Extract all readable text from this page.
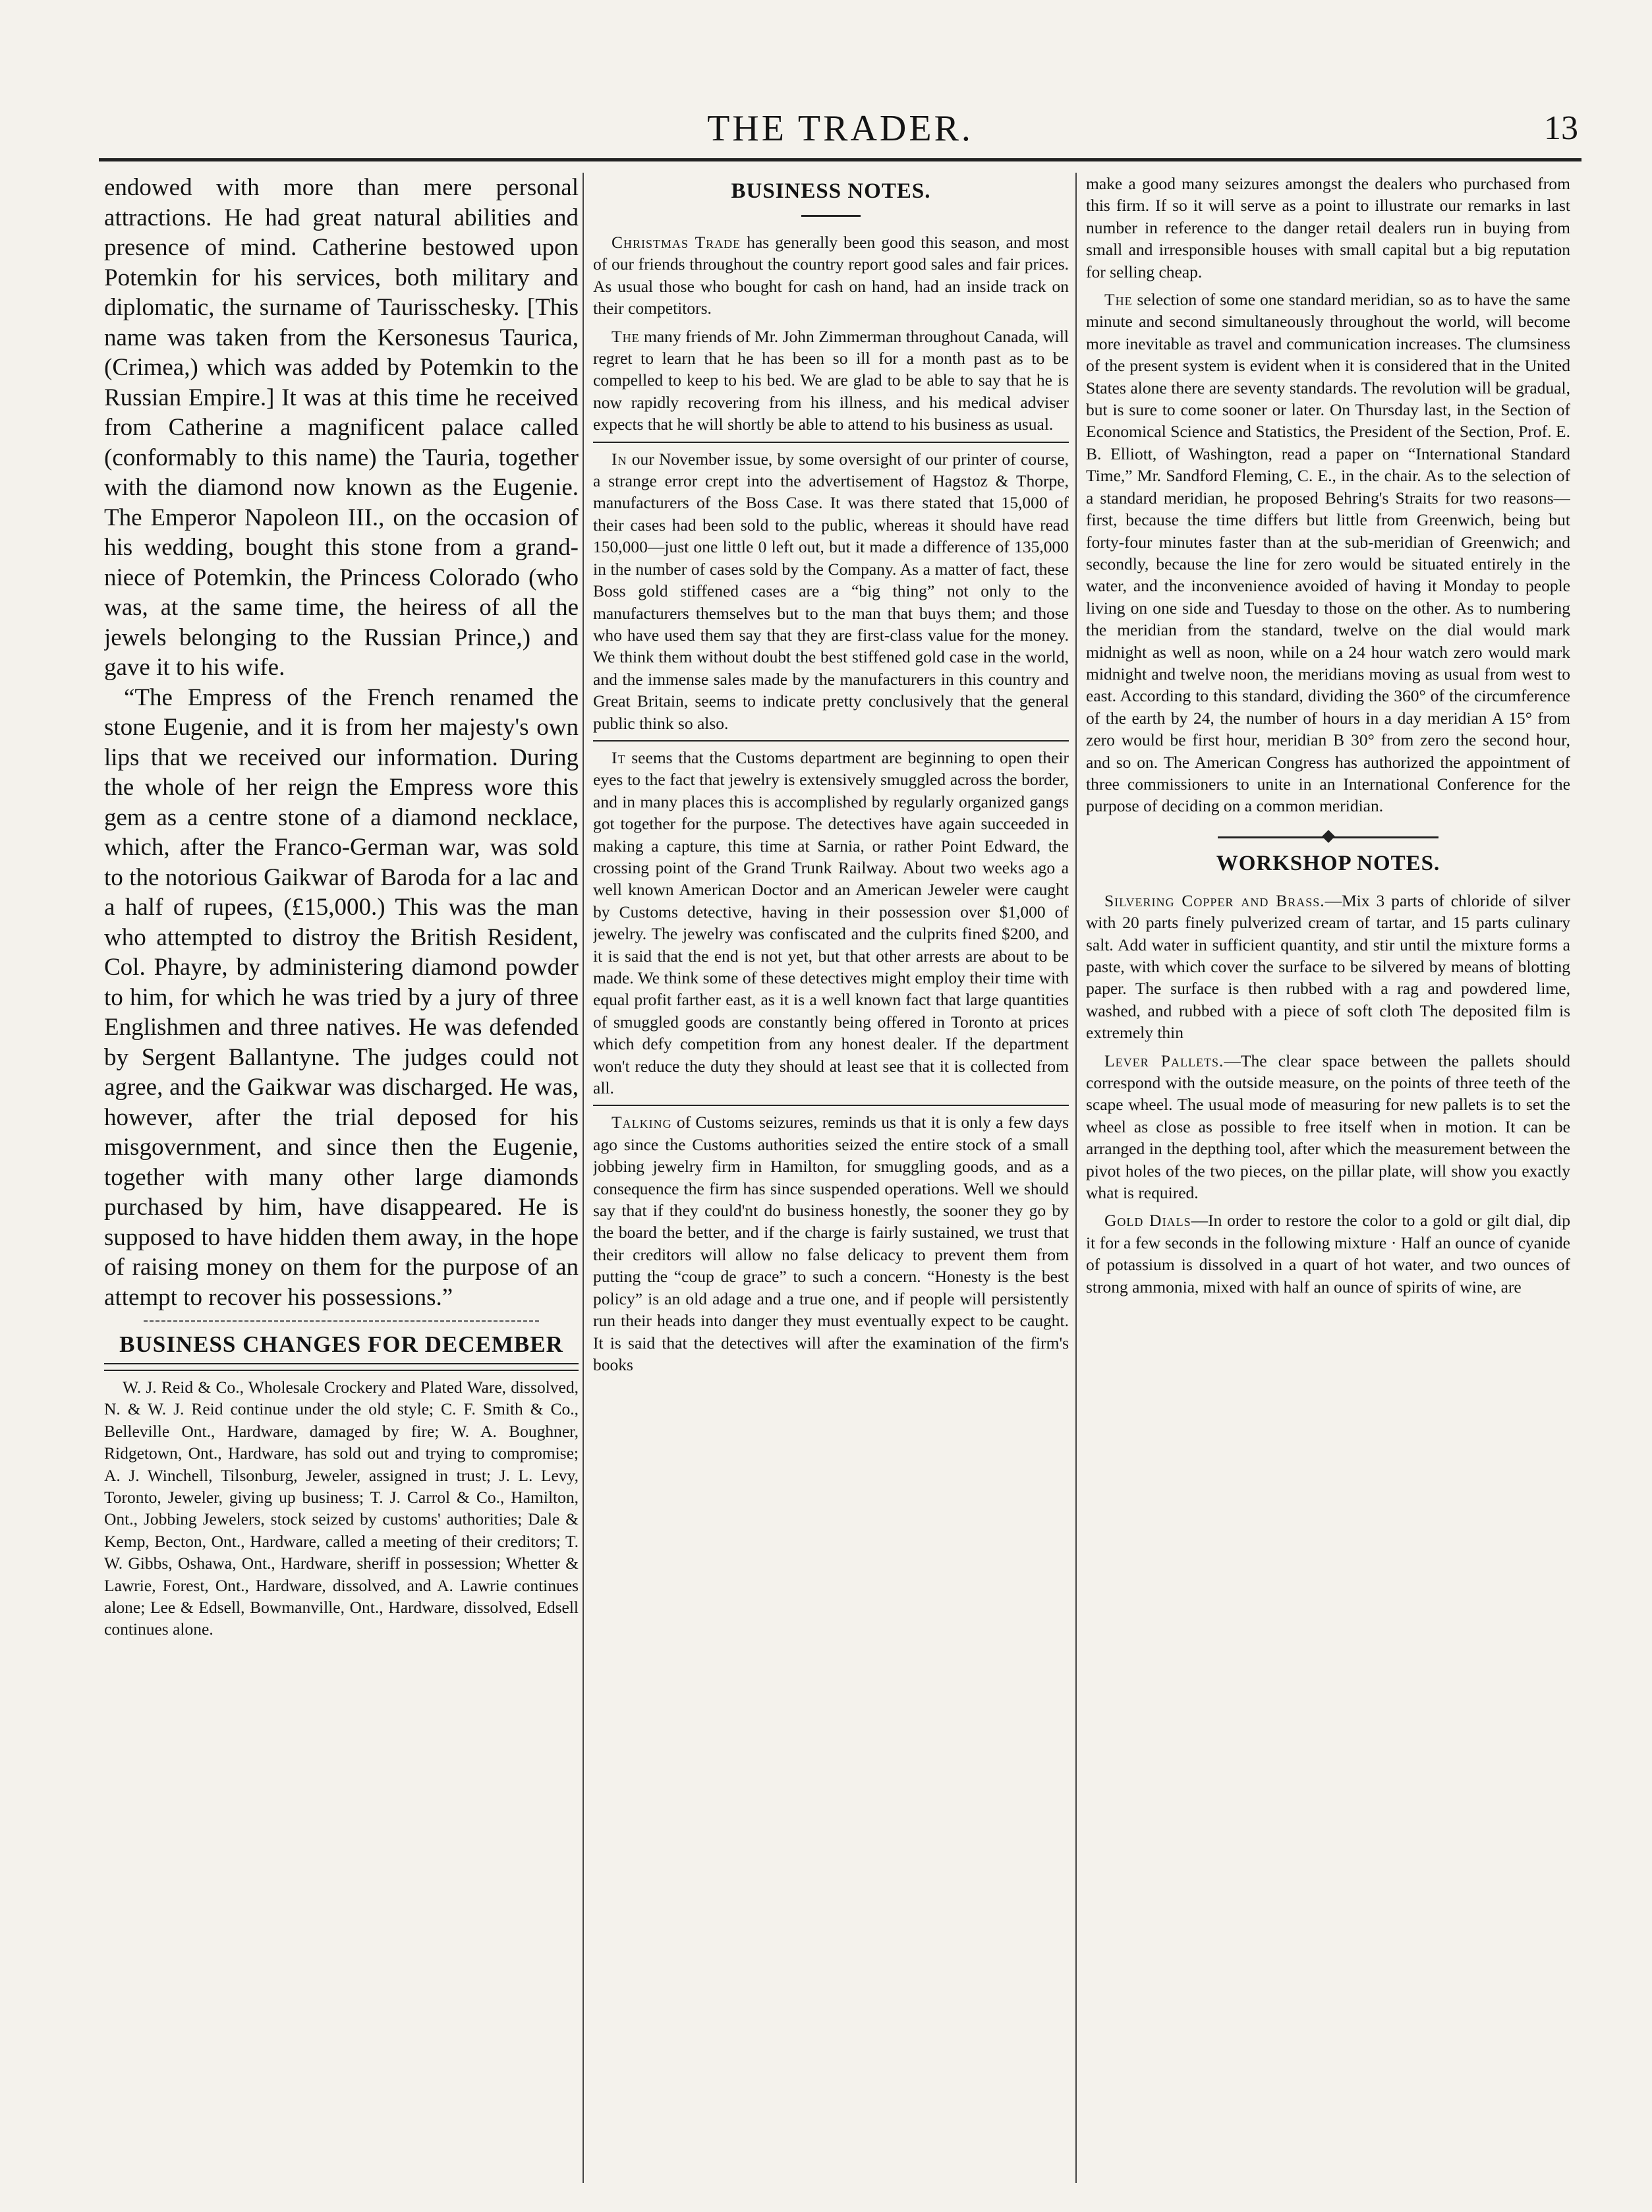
THE TRADER.	13

endowed with more than mere personal attractions. He had great natural abilities and presence of mind. Catherine bestowed upon Potemkin for his services, both military and diplomatic, the surname of Taurisschesky. [This name was taken from the Kersonesus Taurica, (Crimea,) which was added by Potemkin to the Russian Empire.] It was at this time he received from Catherine a magnificent palace called (conformably to this name) the Tauria, together with the diamond now known as the Eugenie. The Emperor Napoleon III., on the occasion of his wedding, bought this stone from a grand-niece of Potemkin, the Princess Colorado (who was, at the same time, the heiress of all the jewels belonging to the Russian Prince,) and gave it to his wife.

“The Empress of the French renamed the stone Eugenie, and it is from her majesty's own lips that we received our information. During the whole of her reign the Empress wore this gem as a centre stone of a diamond necklace, which, after the Franco-German war, was sold to the notorious Gaikwar of Baroda for a lac and a half of rupees, (£15,000.) This was the man who attempted to distroy the British Resident, Col. Phayre, by administering diamond powder to him, for which he was tried by a jury of three Englishmen and three natives. He was defended by Sergent Ballantyne. The judges could not agree, and the Gaikwar was discharged. He was, however, after the trial deposed for his misgovernment, and since then the Eugenie, together with many other large diamonds purchased by him, have disappeared. He is supposed to have hidden them away, in the hope of raising money on them for the purpose of an attempt to recover his possessions.”

BUSINESS CHANGES FOR DECEMBER

W. J. Reid & Co., Wholesale Crockery and Plated Ware, dissolved, N. & W. J. Reid continue under the old style; C. F. Smith & Co., Belleville Ont., Hardware, damaged by fire; W. A. Boughner, Ridgetown, Ont., Hardware, has sold out and trying to compromise; A. J. Winchell, Tilsonburg, Jeweler, assigned in trust; J. L. Levy, Toronto, Jeweler, giving up business; T. J. Carrol & Co., Hamilton, Ont., Jobbing Jewelers, stock seized by customs' authorities; Dale & Kemp, Becton, Ont., Hardware, called a meeting of their creditors; T. W. Gibbs, Oshawa, Ont., Hardware, sheriff in possession; Whetter & Lawrie, Forest, Ont., Hardware, dissolved, and A. Lawrie continues alone; Lee & Edsell, Bowmanville, Ont., Hardware, dissolved, Edsell continues alone.

BUSINESS NOTES.

Christmas Trade has generally been good this season, and most of our friends throughout the country report good sales and fair prices. As usual those who bought for cash on hand, had an inside track on their competitors.

The many friends of Mr. John Zimmerman throughout Canada, will regret to learn that he has been so ill for a month past as to be compelled to keep to his bed. We are glad to be able to say that he is now rapidly recovering from his illness, and his medical adviser expects that he will shortly be able to attend to his business as usual.

In our November issue, by some oversight of our printer of course, a strange error crept into the advertisement of Hagstoz & Thorpe, manufacturers of the Boss Case. It was there stated that 15,000 of their cases had been sold to the public, whereas it should have read 150,000—just one little 0 left out, but it made a difference of 135,000 in the number of cases sold by the Company. As a matter of fact, these Boss gold stiffened cases are a “big thing” not only to the manufacturers themselves but to the man that buys them; and those who have used them say that they are first-class value for the money. We think them without doubt the best stiffened gold case in the world, and the immense sales made by the manufacturers in this country and Great Britain, seems to indicate pretty conclusively that the general public think so also.

It seems that the Customs department are beginning to open their eyes to the fact that jewelry is extensively smuggled across the border, and in many places this is accomplished by regularly organized gangs got together for the purpose. The detectives have again succeeded in making a capture, this time at Sarnia, or rather Point Edward, the crossing point of the Grand Trunk Railway. About two weeks ago a well known American Doctor and an American Jeweler were caught by Customs detective, having in their possession over $1,000 of jewelry. The jewelry was confiscated and the culprits fined $200, and it is said that the end is not yet, but that other arrests are about to be made. We think some of these detectives might employ their time with equal profit farther east, as it is a well known fact that large quantities of smuggled goods are constantly being offered in Toronto at prices which defy competition from any honest dealer. If the department won't reduce the duty they should at least see that it is collected from all.

Talking of Customs seizures, reminds us that it is only a few days ago since the Customs authorities seized the entire stock of a small jobbing jewelry firm in Hamilton, for smuggling goods, and as a consequence the firm has since suspended operations. Well we should say that if they could'nt do business honestly, the sooner they go by the board the better, and if the charge is fairly sustained, we trust that their creditors will allow no false delicacy to prevent them from putting the “coup de grace” to such a concern. “Honesty is the best policy” is an old adage and a true one, and if people will persistently run their heads into danger they must eventually expect to be caught. It is said that the detectives will after the examination of the firm's books

make a good many seizures amongst the dealers who purchased from this firm. If so it will serve as a point to illustrate our remarks in last number in reference to the danger retail dealers run in buying from small and irresponsible houses with small capital but a big reputation for selling cheap.

The selection of some one standard meridian, so as to have the same minute and second simultaneously throughout the world, will become more inevitable as travel and communication increases. The clumsiness of the present system is evident when it is considered that in the United States alone there are seventy standards. The revolution will be gradual, but is sure to come sooner or later. On Thursday last, in the Section of Economical Science and Statistics, the President of the Section, Prof. E. B. Elliott, of Washington, read a paper on “International Standard Time,” Mr. Sandford Fleming, C. E., in the chair. As to the selection of a standard meridian, he proposed Behring's Straits for two reasons—first, because the time differs but little from Greenwich, being but forty-four minutes faster than at the sub-meridian of Greenwich; and secondly, because the line for zero would be situated entirely in the water, and the inconvenience avoided of having it Monday to people living on one side and Tuesday to those on the other. As to numbering the meridian from the standard, twelve on the dial would mark midnight as well as noon, while on a 24 hour watch zero would mark midnight and twelve noon, the meridians moving as usual from west to east. According to this standard, dividing the 360° of the circumference of the earth by 24, the number of hours in a day meridian A 15° from zero would be first hour, meridian B 30° from zero the second hour, and so on. The American Congress has authorized the appointment of three commissioners to unite in an International Conference for the purpose of deciding on a common meridian.

WORKSHOP NOTES.

Silvering Copper and Brass.—Mix 3 parts of chloride of silver with 20 parts finely pulverized cream of tartar, and 15 parts culinary salt. Add water in sufficient quantity, and stir until the mixture forms a paste, with which cover the surface to be silvered by means of blotting paper. The surface is then rubbed with a rag and powdered lime, washed, and rubbed with a piece of soft cloth The deposited film is extremely thin

Lever Pallets.—The clear space between the pallets should correspond with the outside measure, on the points of three teeth of the scape wheel. The usual mode of measuring for new pallets is to set the wheel as close as possible to free itself when in motion. It can be arranged in the depthing tool, after which the measurement between the pivot holes of the two pieces, on the pillar plate, will show you exactly what is required.

Gold Dials—In order to restore the color to a gold or gilt dial, dip it for a few seconds in the following mixture · Half an ounce of cyanide of potassium is dissolved in a quart of hot water, and two ounces of strong ammonia, mixed with half an ounce of spirits of wine, are
